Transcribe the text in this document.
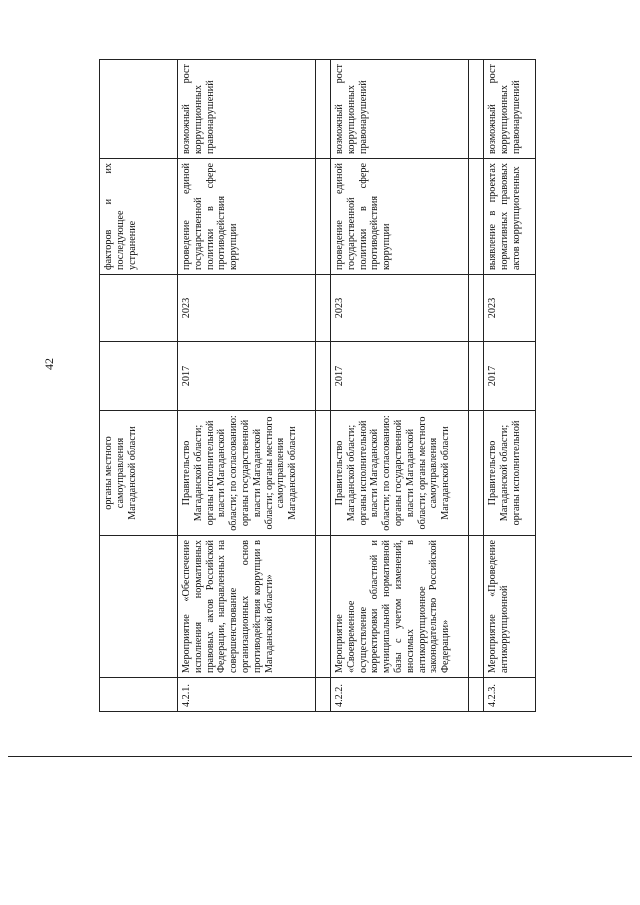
42
		органы местного самоуправления Магаданской области			факторов и их последующее устранение	
4.2.1.	Мероприятие «Обеспечение исполнения нормативных правовых актов Российской Федерации, направленных на совершенствование организационных основ противодействия коррупции в Магаданской области»	Правительство Магаданской области; органы исполнительной власти Магаданской области; по согласованию: органы государственной власти Магаданской области; органы местного самоуправления Магаданской области	2017	2023	проведение единой государственной политики в сфере противодействия коррупции	возможный рост коррупционных правонарушений

4.2.2.	Мероприятие «Своевременное осуществление корректировки областной и муниципальной нормативной базы с учетом изменений, вносимых в антикоррупционное законодательство Российской Федерации»	Правительство Магаданской области; органы исполнительной власти Магаданской области; по согласованию: органы государственной власти Магаданской области; органы местного самоуправления Магаданской области	2017	2023	проведение единой государственной политики в сфере противодействия коррупции	возможный рост коррупционных правонарушений

4.2.3.	Мероприятие «Проведение антикоррупционной	Правительство Магаданской области; органы исполнительной	2017	2023	выявление в проектах нормативных правовых актов коррупциогенных	возможный рост коррупционных правонарушений
